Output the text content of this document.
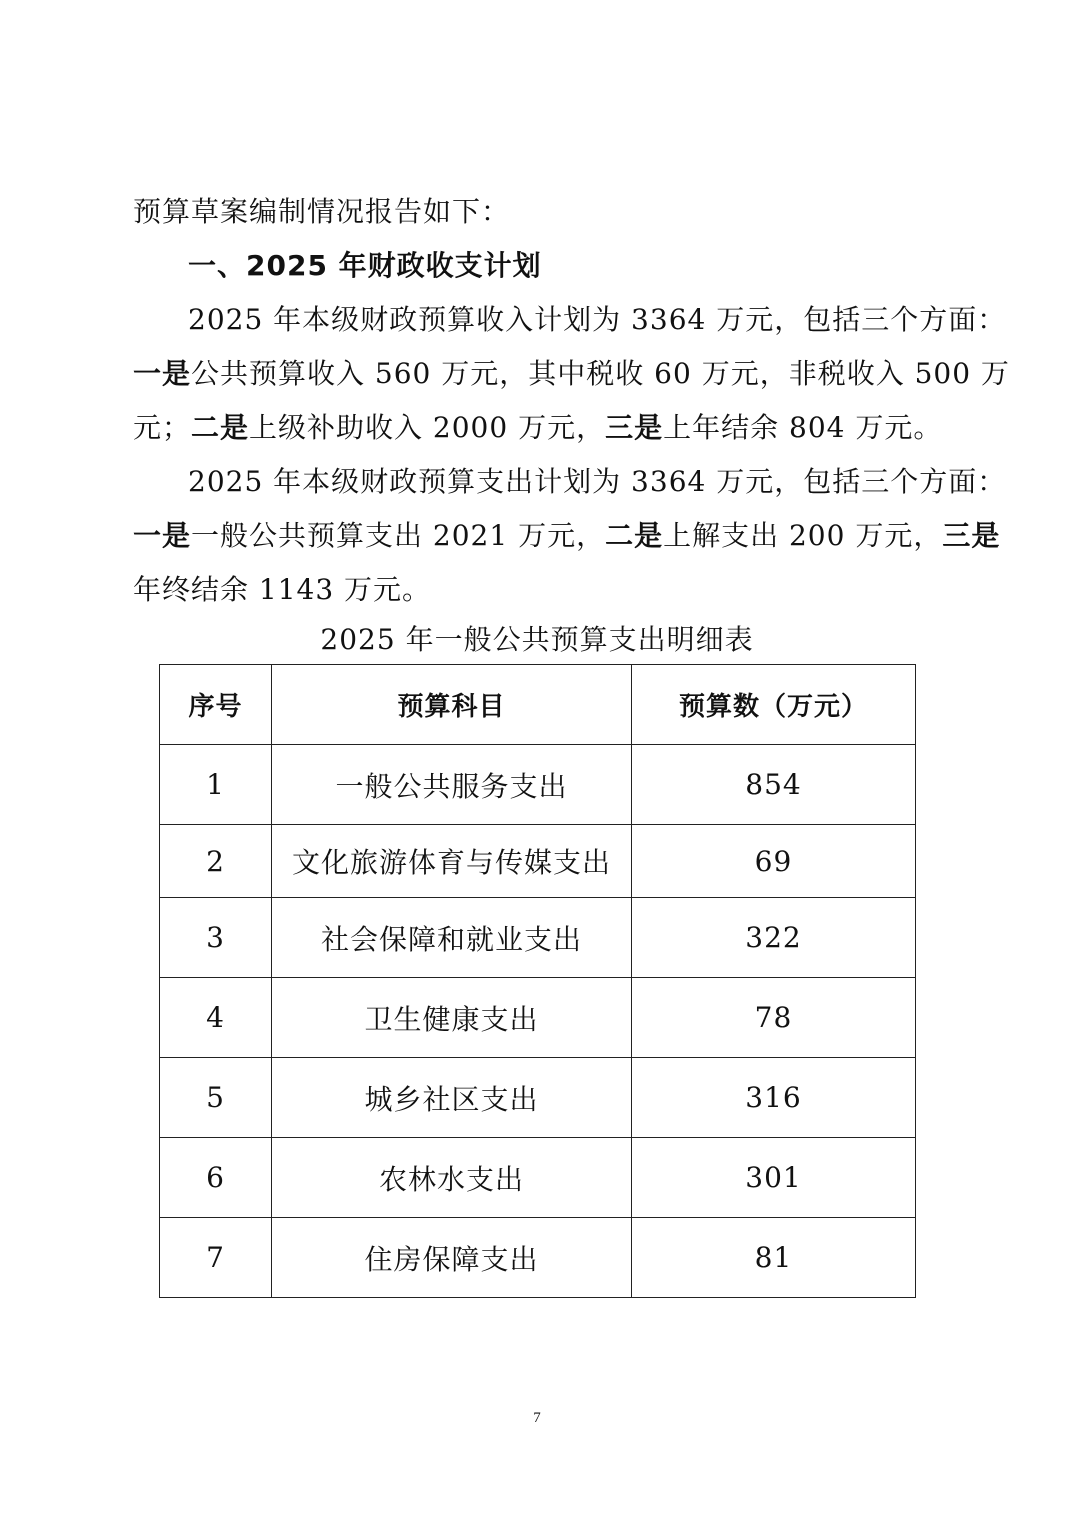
预算草案编制情况报告如下：
一、2025 年财政收支计划
2025 年本级财政预算收入计划为 3364 万元，包括三个方面：
一是公共预算收入 560 万元，其中税收 60 万元，非税收入 500 万
元；二是上级补助收入 2000 万元，三是上年结余 804 万元。
2025 年本级财政预算支出计划为 3364 万元，包括三个方面：
一是一般公共预算支出 2021 万元，二是上解支出 200 万元，三是
年终结余 1143 万元。
2025 年一般公共预算支出明细表
序号	预算科目	预算数（万元）
1	一般公共服务支出	854
2	文化旅游体育与传媒支出	69
3	社会保障和就业支出	322
4	卫生健康支出	78
5	城乡社区支出	316
6	农林水支出	301
7	住房保障支出	81
7
